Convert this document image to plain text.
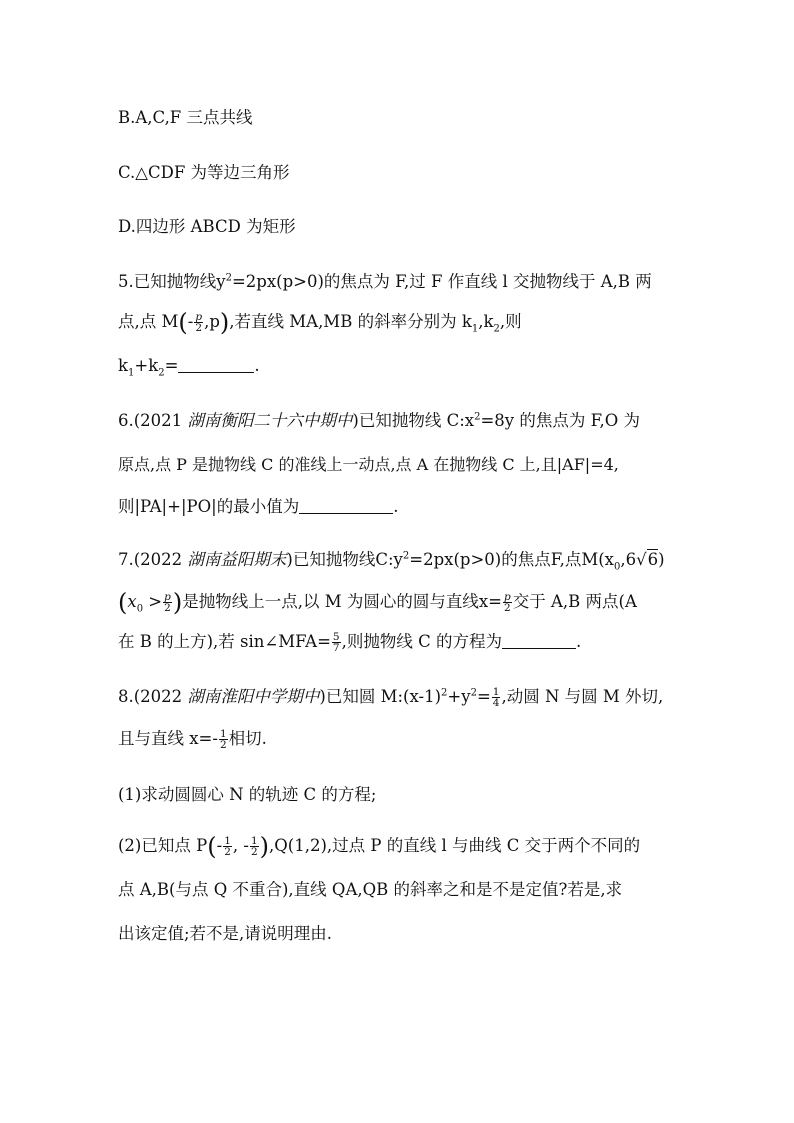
B.A,C,F 三点共线
C.△CDF 为等边三角形
D.四边形 ABCD 为矩形
5.已知抛物线$y^2=2px(p>0)$的焦点为 F,过 F 作直线 l 交抛物线于 A,B 两
点,点 $M(- \frac{p}{2} ,p)$,若直线 MA,MB 的斜率分别为 $k_1,k_2$,则
$k_1+k_2=$	.
6.(2021 湖南衡阳二十六中期中)已知抛物线 $C:x^2=8y$ 的焦点为 F,O 为
原点,点 P 是抛物线 C 的准线上一动点,点 A 在抛物线 C 上,且|AF|=4,
则|PA|+|PO|的最小值为	.
7.(2022 湖南益阳期末)已知抛物线$C:y^2=2px(p>0)$的焦点F,点$M(x_0,6√6)$
($x_0 > \frac{p}{2}$ )是抛物线上一点,以 M 为圆心的圆与直线$x= \frac{p}{2}$ 交于 A,B 两点(A
在 B 的上方),若 sin∠MFA= $\frac{5}{7}$ ,则抛物线 C 的方程为	.
8.(2022 湖南淮阳中学期中)已知圆 $M:(x-1)^2+y^2= \frac{1}{4}$ ,动圆 N 与圆 M 外切,
且与直线 $x=- \frac{1}{2}$ 相切.
(1)求动圆圆心 N 的轨迹 C 的方程;
(2)已知点 $P(- \frac{1}{2}$ , - $\frac{1}{2} ),Q(1,2)$,过点 P 的直线 l 与曲线 C 交于两个不同的
点 A,B(与点 Q 不重合),直线 QA,QB 的斜率之和是不是定值?若是,求
出该定值;若不是,请说明理由.
